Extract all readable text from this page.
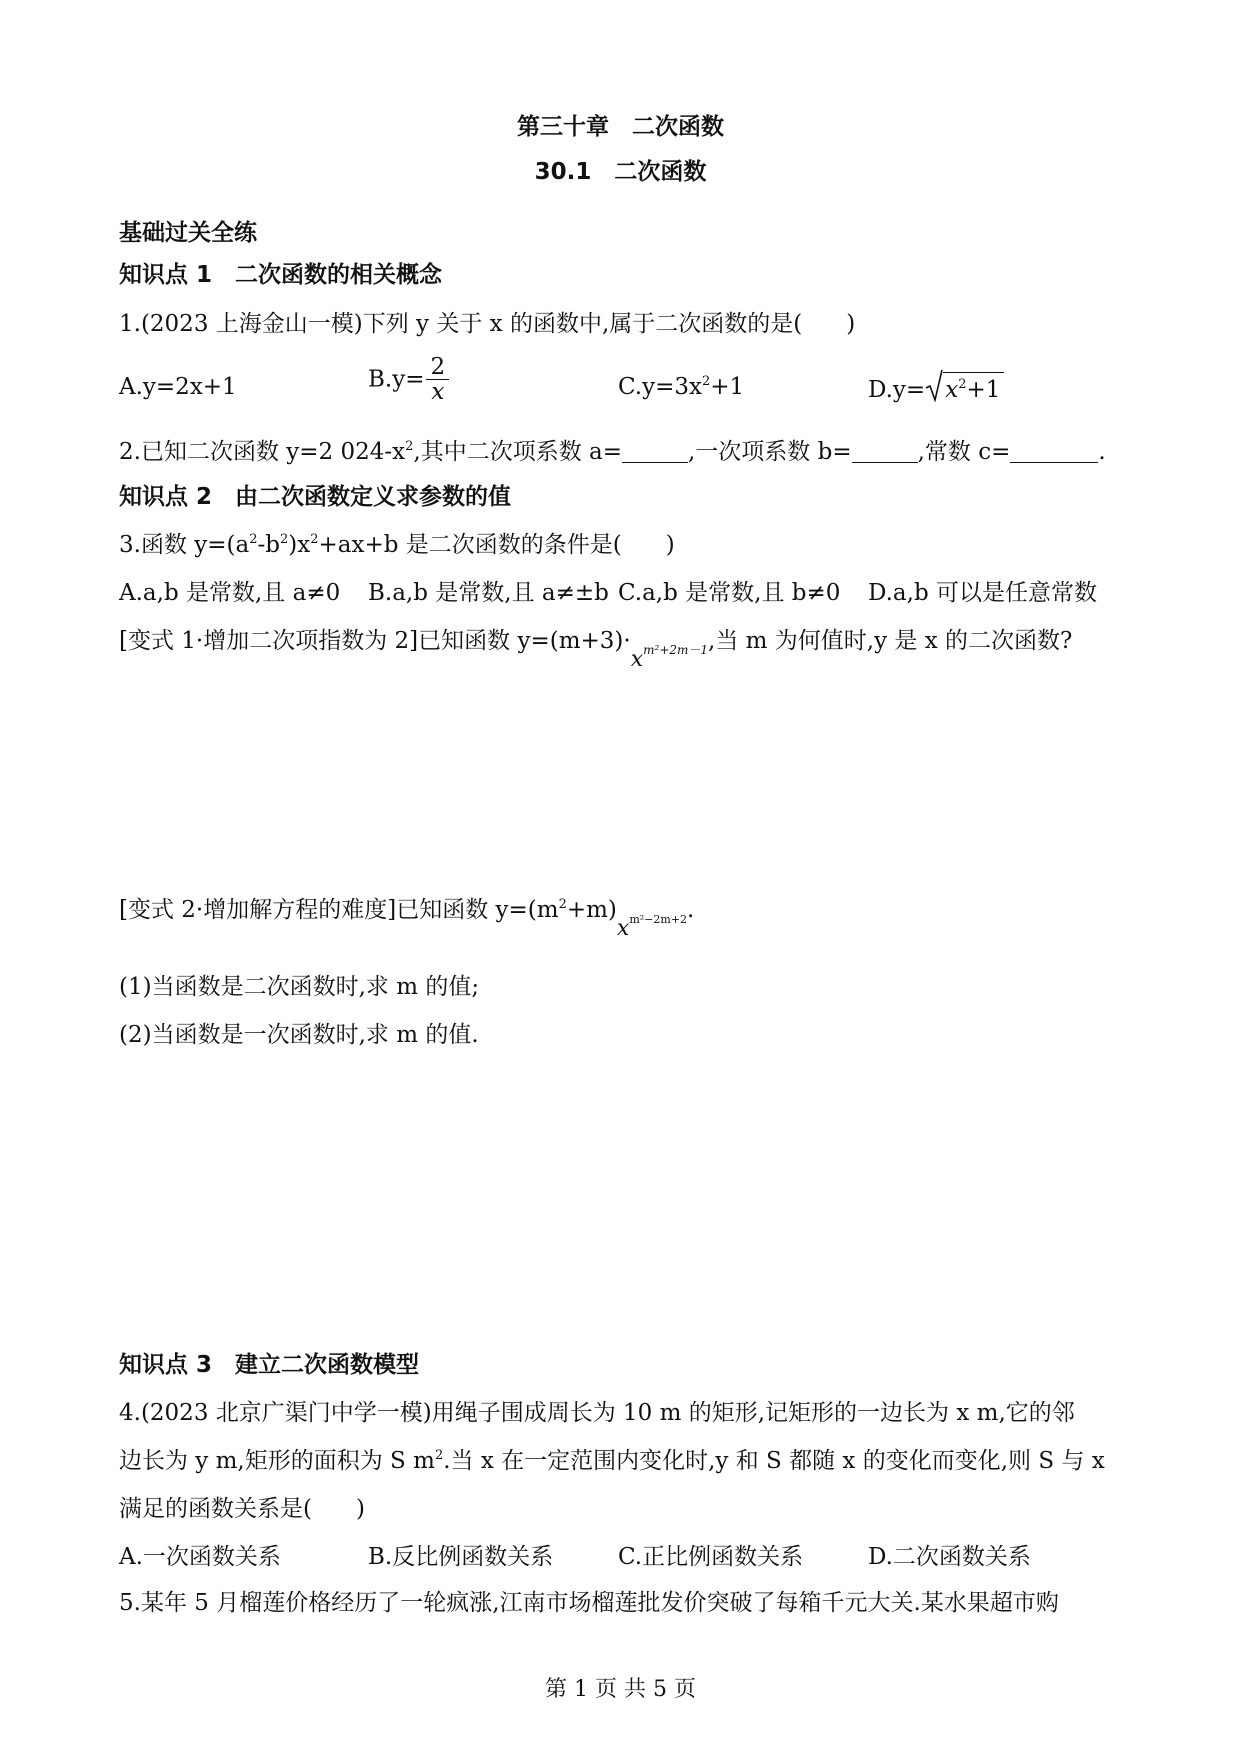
第三十章　二次函数
30.1　二次函数
基础过关全练
知识点 1　二次函数的相关概念
1.(2023 上海金山一模)下列 y 关于 x 的函数中,属于二次函数的是( )
A.y=2x+1	$B.y= \frac{2}{x}$	$C.y=3x^2+1$	$D.y= x^2+1$
2.已知二次函数 y=2 $024-x^2$,其中二次项系数 a=	,一次项系数 b=	,常数 c=	.
知识点 2　由二次函数定义求参数的值
3.函数 $y=(a^2-b^2)x^2+ax+b$ 是二次函数的条件是( )
A.a,b 是常数,且 a≠0 B.a,b 是常数,且 a≠±b C.a,b 是常数,且 b≠0 D.a,b 可以是任意常数
[变式 1·增加二次项指数为 2]已知函数 $y=(m+3)\cdot x^{m^2+2m-1}$,当 m 为何值时,y 是 x 的二次函数?
[变式 2·增加解方程的难度]已知函数 $y=(m^2+m)x^{m^2-2m+2}$.
(1)当函数是二次函数时,求 m 的值;
(2)当函数是一次函数时,求 m 的值.
知识点 3　建立二次函数模型
4.(2023 北京广渠门中学一模)用绳子围成周长为 10 m 的矩形,记矩形的一边长为 x m,它的邻
边长为 y m,矩形的面积为 S $m^2$.当 x 在一定范围内变化时,y 和 S 都随 x 的变化而变化,则 S 与 x
满足的函数关系是( )
A.一次函数关系	B.反比例函数关系	C.正比例函数关系	D.二次函数关系
5.某年 5 月榴莲价格经历了一轮疯涨,江南市场榴莲批发价突破了每箱千元大关.某水果超市购
第 1 页 共 5 页
